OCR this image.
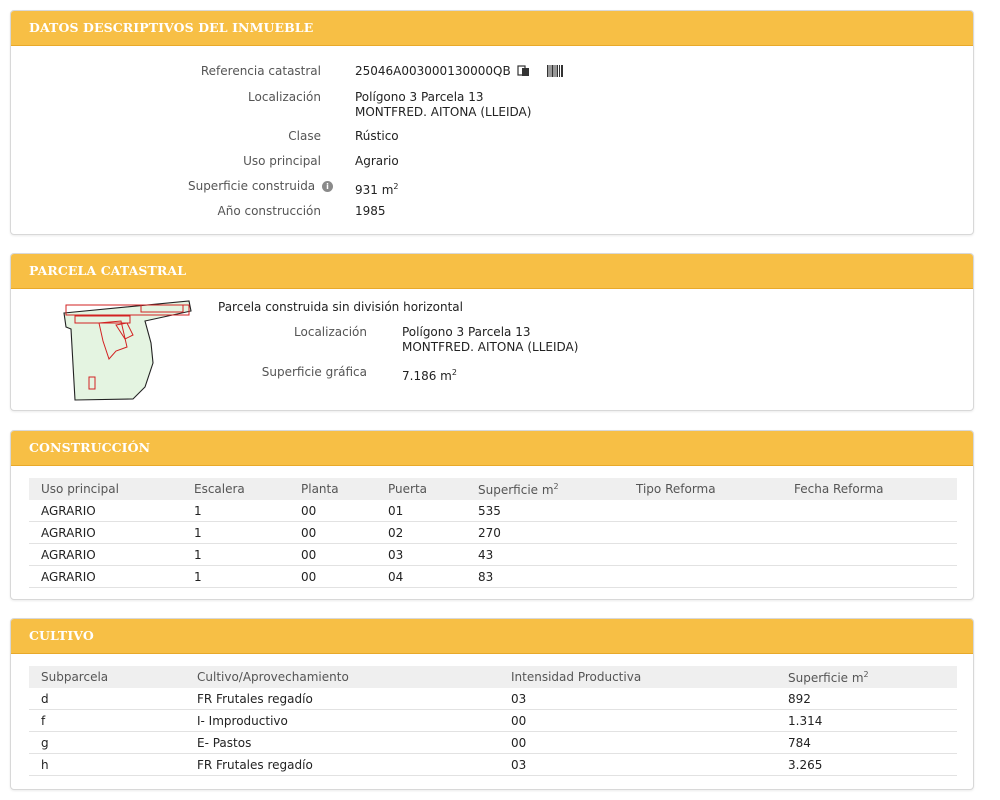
DATOS DESCRIPTIVOS DEL INMUEBLE
Referencia catastral	25046A003000130000QB
Localización	Polígono 3 Parcela 13
MONTFRED. AITONA (LLEIDA)
Clase	Rústico
Uso principal	Agrario
Superficie construida i	931 $m^2$
Año construcción	1985
PARCELA CATASTRAL
Parcela construida sin división horizontal
Localización	Polígono 3 Parcela 13
MONTFRED. AITONA (LLEIDA)
Superficie gráfica	7.186 $m^2$
CONSTRUCCIÓN
Uso principal	Escalera	Planta	Puerta	Superficie $m^2$	Tipo Reforma	Fecha Reforma
AGRARIO	1	00	01	535		
AGRARIO	1	00	02	270		
AGRARIO	1	00	03	43		
AGRARIO	1	00	04	83		
CULTIVO
Subparcela	Cultivo/Aprovechamiento	Intensidad Productiva	Superficie $m^2$
d	FR Frutales regadío	03	892
f	I- Improductivo	00	1.314
g	E- Pastos	00	784
h	FR Frutales regadío	03	3.265
